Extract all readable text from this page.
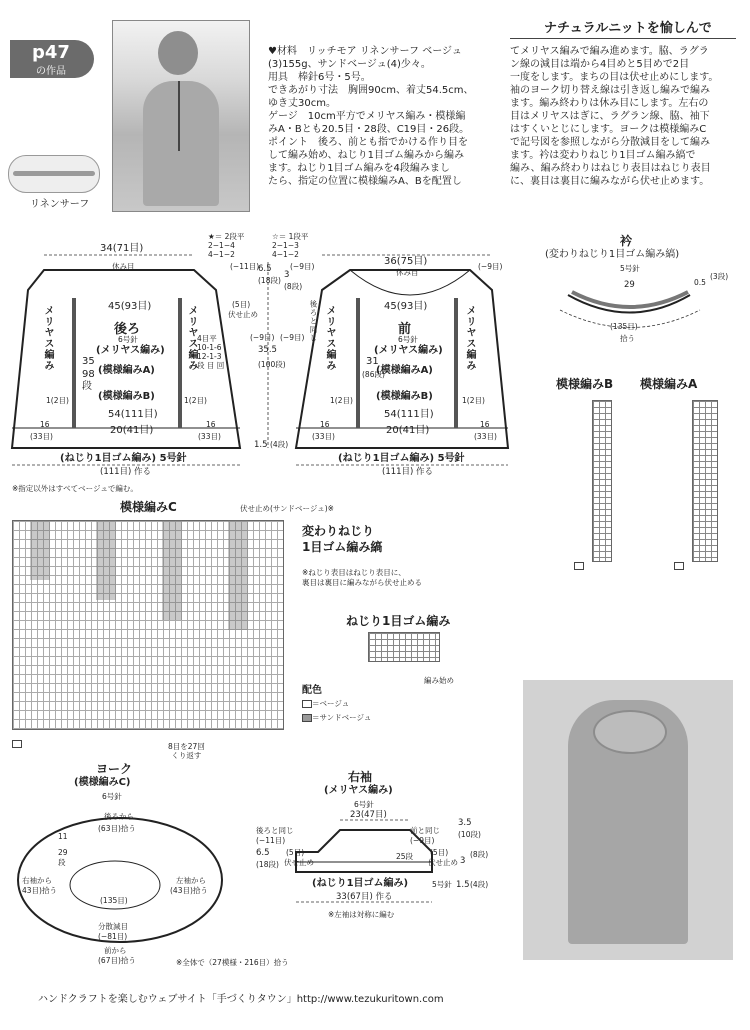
p47
の作品
リネンサーフ
ナチュラルニットを愉しんで
♥材料　リッチモア リネンサーフ ベージュ
(3)155g、サンドベージュ(4)少々。
用具　棒針6号・5号。
できあがり寸法　胸囲90cm、着丈54.5cm、
ゆき丈30cm。
ゲージ　10cm平方でメリヤス編み・模様編
みA・Bとも20.5目・28段、C19目・26段。
ポイント　後ろ、前とも指でかける作り目を
して編み始め、ねじり1目ゴム編みから編み
ます。ねじり1目ゴム編みを4段編みまし
たら、指定の位置に模様編みA、Bを配置し
てメリヤス編みで編み進めます。脇、ラグラ
ン線の減目は端から4目めと5目めで2目
一度をします。まちの目は伏せ止めにします。
袖のヨーク切り替え線は引き返し編みで編み
ます。編み終わりは休み目にします。左右の
目はメリヤスはぎに、ラグラン線、脇、袖下
はすくいとじにします。ヨークは模様編みC
で記号図を参照しながら分散減目をして編み
ます。衿は変わりねじり1目ゴム編み縞で
編み、編み終わりはねじり表目はねじり表目
に、裏目は裏目に編みながら伏せ止めます。
34(71目)
休み目
45(93目)
後ろ
6号針
(メリヤス編み)
(模様編みA)
(模様編みB)
54(111目)
20(41目)
メリヤス編み	メリヤス編み
35
98
段
4目平
10-1-6
12-1-3
段 目 回
1(2目)	1(2目)
16
(33目)
16
(33目)
(−11目)
(5目)
伏せ止め
★＝ 2段平
2−1−4
4−1−2
☆＝ 1段平
2−1−3
4−1−2
6.5
(18段)
3
(8段)
35.5
(100段)
(−9目) (−9目)
(−9目)
1.5 (4段)
36(75目)
休み目
45(93目)
前
6号針
(メリヤス編み)
(模様編みA)
(模様編みB)
54(111目)
20(41目)
メリヤス編み	メリヤス編み
後ろと同じ
31
(86段)
1(2目)	1(2目)
16
(33目)
16
(33目)
(−9目)
(ねじり1目ゴム編み) 5号針
(111目) 作る
(ねじり1目ゴム編み) 5号針
(111目) 作る
※指定以外はすべてベージュで編む。
衿
(変わりねじり1目ゴム編み縞)
5号針
29	0.5
(3段)
(135目)
拾う
模様編みB 模様編みA
模様編みC	伏せ止め(サンドベージュ)※
8目を27回
くり返す
変わりねじり
1目ゴム編み縞
※ねじり表目はねじり表目に、
裏目は裏目に編みながら伏せ止める
ねじり1目ゴム編み
編み始め
配色
＝ベージュ
＝サンドベージュ
ヨーク
(模様編みC)
6号針
後ろから
(63目)拾う
11
29
段
右袖から
43目)拾う
左袖から
(43目)拾う
(135目)
分散減目
(−81目)
前から
(67目)拾う	※全体で（27模様・216目）拾う
右袖
(メリヤス編み)
6号針
23(47目)
後ろと同じ
(−11目)
前と同じ
(−9目)
6.5
(18段)
(5目)
伏せ止め
(5目)
伏せ止め
25段
3.5
(10段)
3
(8段)
1.5 (4段)
(ねじり1目ゴム編み)	5号針
33(67目) 作る
※左袖は対称に編む
ハンドクラフトを楽しむウェブサイト「手づくりタウン」http://www.tezukuritown.com
